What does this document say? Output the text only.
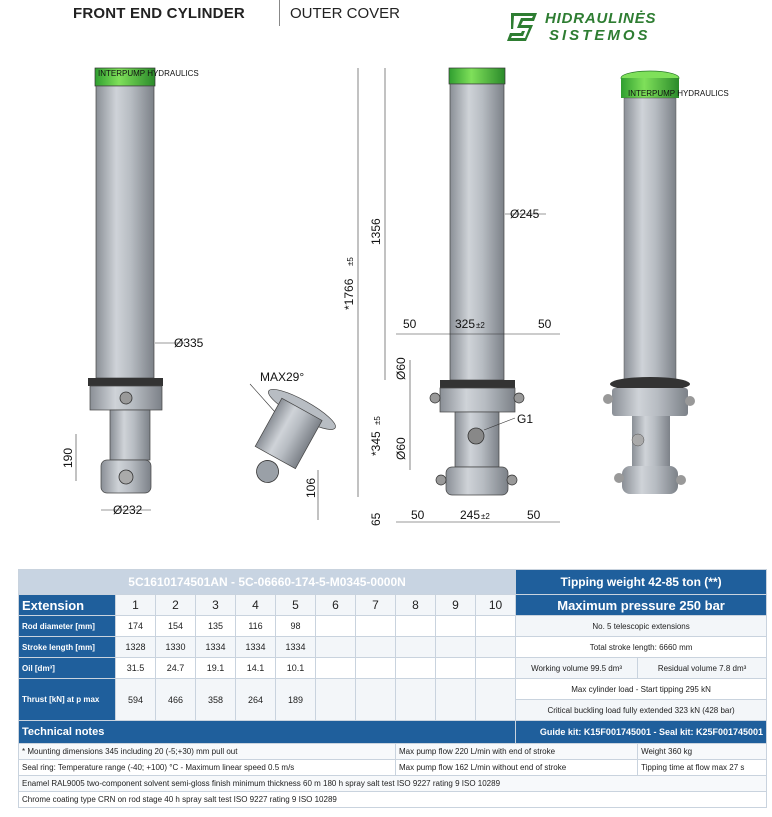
FRONT END CYLINDER	OUTER COVER	HIDRAULINĖS
SISTEMOS
INTERPUMP HYDRAULICS
Ø335
190
Ø232
MAX29°
106
*1766
±5
1356
Ø245
50	325 ±2	50
Ø60
*345
±5
Ø60
G1
65 50	245 ±2	50
INTERPUMP HYDRAULICS
5C1610174501AN - 5C-06660-174-5-M0345-0000N											Tipping weight 42-85 ton (**)	
Extension	1	2	3	4	5	6	7	8	9	10	Maximum pressure 250 bar	
Rod diameter [mm]	174	154	135	116	98						No. 5 telescopic extensions	
Stroke length [mm]	1328	1330	1334	1334	1334						Total stroke length: 6660 mm	
Oil [dm³]	31.5	24.7	19.1	14.1	10.1						Working volume 99.5 dm³	Residual volume 7.8 dm³
Thrust [kN] at p max	594	466	358	264	189						Max cylinder load - Start tipping 295 kN	
											Critical buckling load fully extended 323 kN (428 bar)	
Technical notes											Guide kit: K15F001745001 - Seal kit: K25F001745001	
* Mounting dimensions 345 including 20 (-5;+30) mm pull out								Max pump flow 220 L/min with end of stroke				Weight 360 kg
Seal ring: Temperature range (-40; +100) °C - Maximum linear speed 0.5 m/s								Max pump flow 162 L/min without end of stroke				Tipping time at flow max 27 s
Enamel RAL9005 two-component solvent semi-gloss finish minimum thickness 60 m 180 h spray salt test ISO 9227 rating 9 ISO 10289												
Chrome coating type CRN on rod stage 40 h spray salt test ISO 9227 rating 9 ISO 10289												
